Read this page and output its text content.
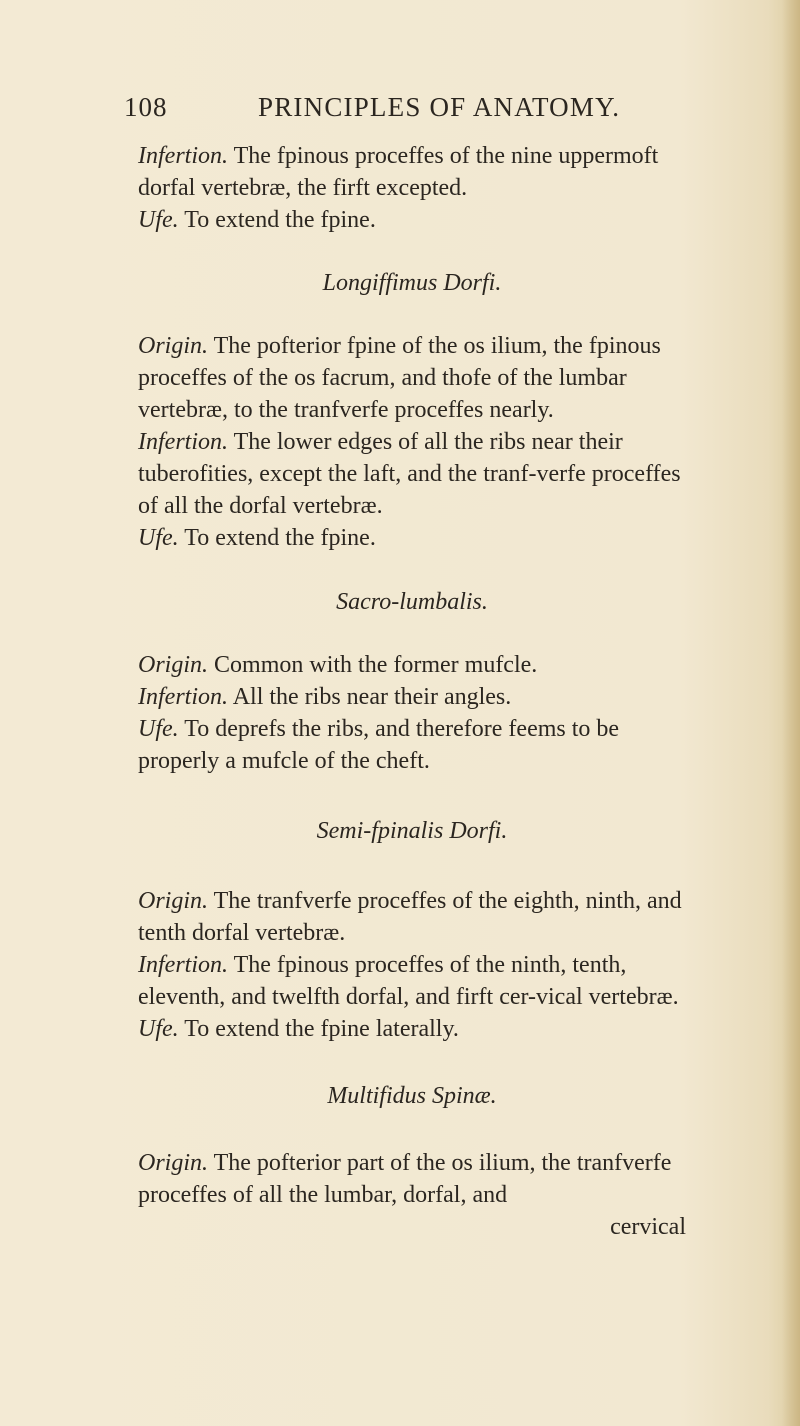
108	PRINCIPLES OF ANATOMY.

Infertion. The fpinous proceffes of the nine uppermoft dorfal vertebræ, the firft excepted.

Ufe. To extend the fpine.

Longiffimus Dorfi.

Origin. The pofterior fpine of the os ilium, the fpinous proceffes of the os facrum, and thofe of the lumbar vertebræ, to the tranfverfe proceffes nearly.

Infertion. The lower edges of all the ribs near their tuberofities, except the laft, and the tranf-verfe proceffes of all the dorfal vertebræ.

Ufe. To extend the fpine.

Sacro-lumbalis.

Origin. Common with the former mufcle.

Infertion. All the ribs near their angles.

Ufe. To deprefs the ribs, and therefore feems to be properly a mufcle of the cheft.

Semi-fpinalis Dorfi.

Origin. The tranfverfe proceffes of the eighth, ninth, and tenth dorfal vertebræ.

Infertion. The fpinous proceffes of the ninth, tenth, eleventh, and twelfth dorfal, and firft cer-vical vertebræ.

Ufe. To extend the fpine laterally.

Multifidus Spinæ.

Origin. The pofterior part of the os ilium, the tranfverfe proceffes of all the lumbar, dorfal, and

cervical
